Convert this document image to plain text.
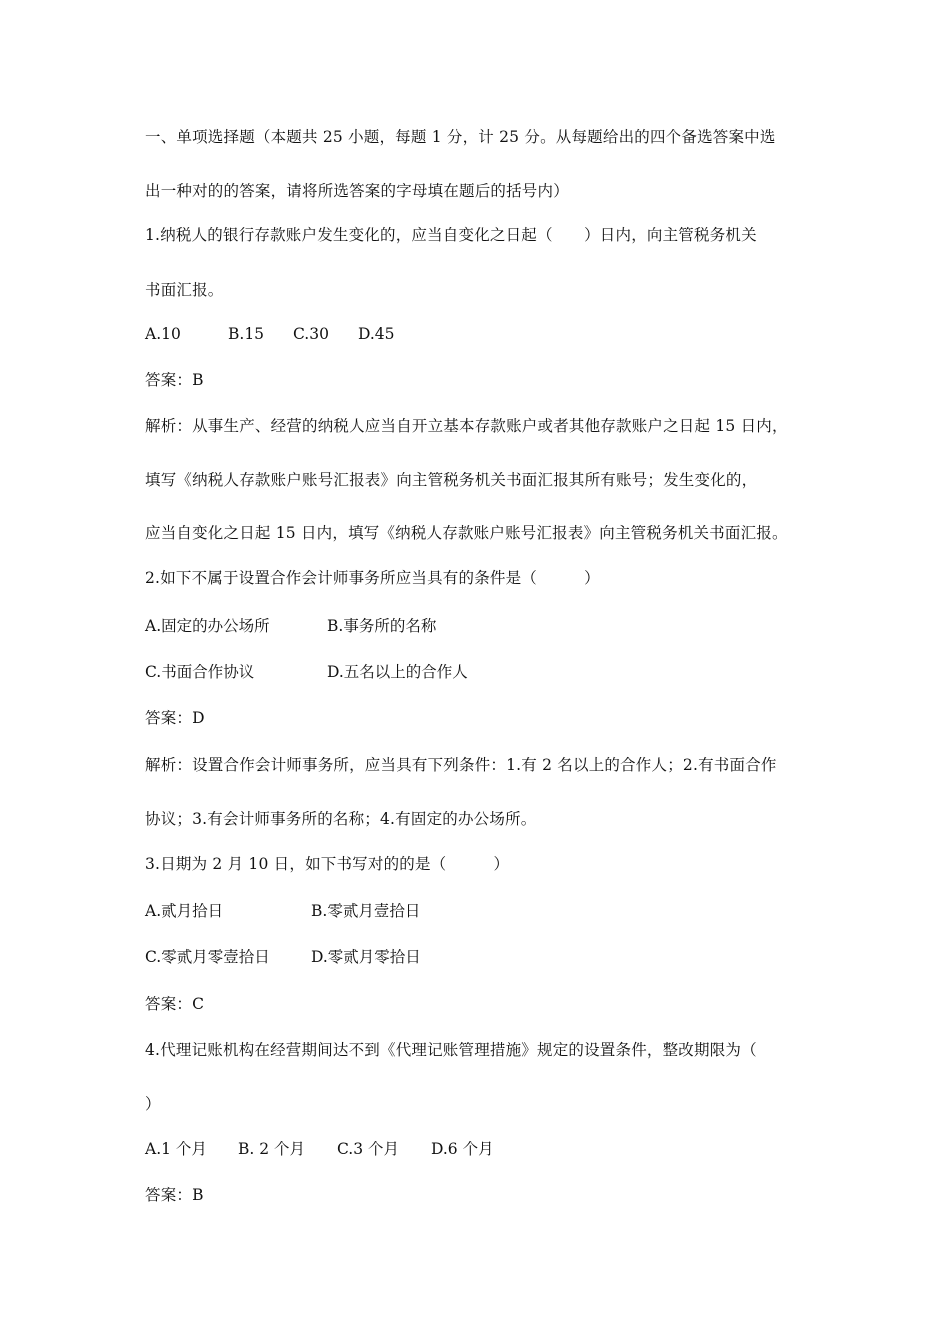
一、单项选择题（本题共 25 小题，每题 1 分，计 25 分。从每题给出的四个备选答案中选
出一种对的的答案，请将所选答案的字母填在题后的括号内）
1.纳税人的银行存款账户发生变化的，应当自变化之日起（　　）日内，向主管税务机关
书面汇报。
A.10	B.15 C.30 D.45
答案：B
解析：从事生产、经营的纳税人应当自开立基本存款账户或者其他存款账户之日起 15 日内，
填写《纳税人存款账户账号汇报表》向主管税务机关书面汇报其所有账号；发生变化的，
应当自变化之日起 15 日内，填写《纳税人存款账户账号汇报表》向主管税务机关书面汇报。
2.如下不属于设置合作会计师事务所应当具有的条件是（　　　）
A.固定的办公场所	B.事务所的名称
C.书面合作协议	D.五名以上的合作人
答案：D
解析：设置合作会计师事务所，应当具有下列条件：1.有 2 名以上的合作人；2.有书面合作
协议；3.有会计师事务所的名称；4.有固定的办公场所。
3.日期为 2 月 10 日，如下书写对的的是（　　　）
A.贰月拾日	B.零贰月壹拾日
C.零贰月零壹拾日	D.零贰月零拾日
答案：C
4.代理记账机构在经营期间达不到《代理记账管理措施》规定的设置条件，整改期限为（
）
A.1 个月 B. 2 个月 C.3 个月 D.6 个月
答案：B
